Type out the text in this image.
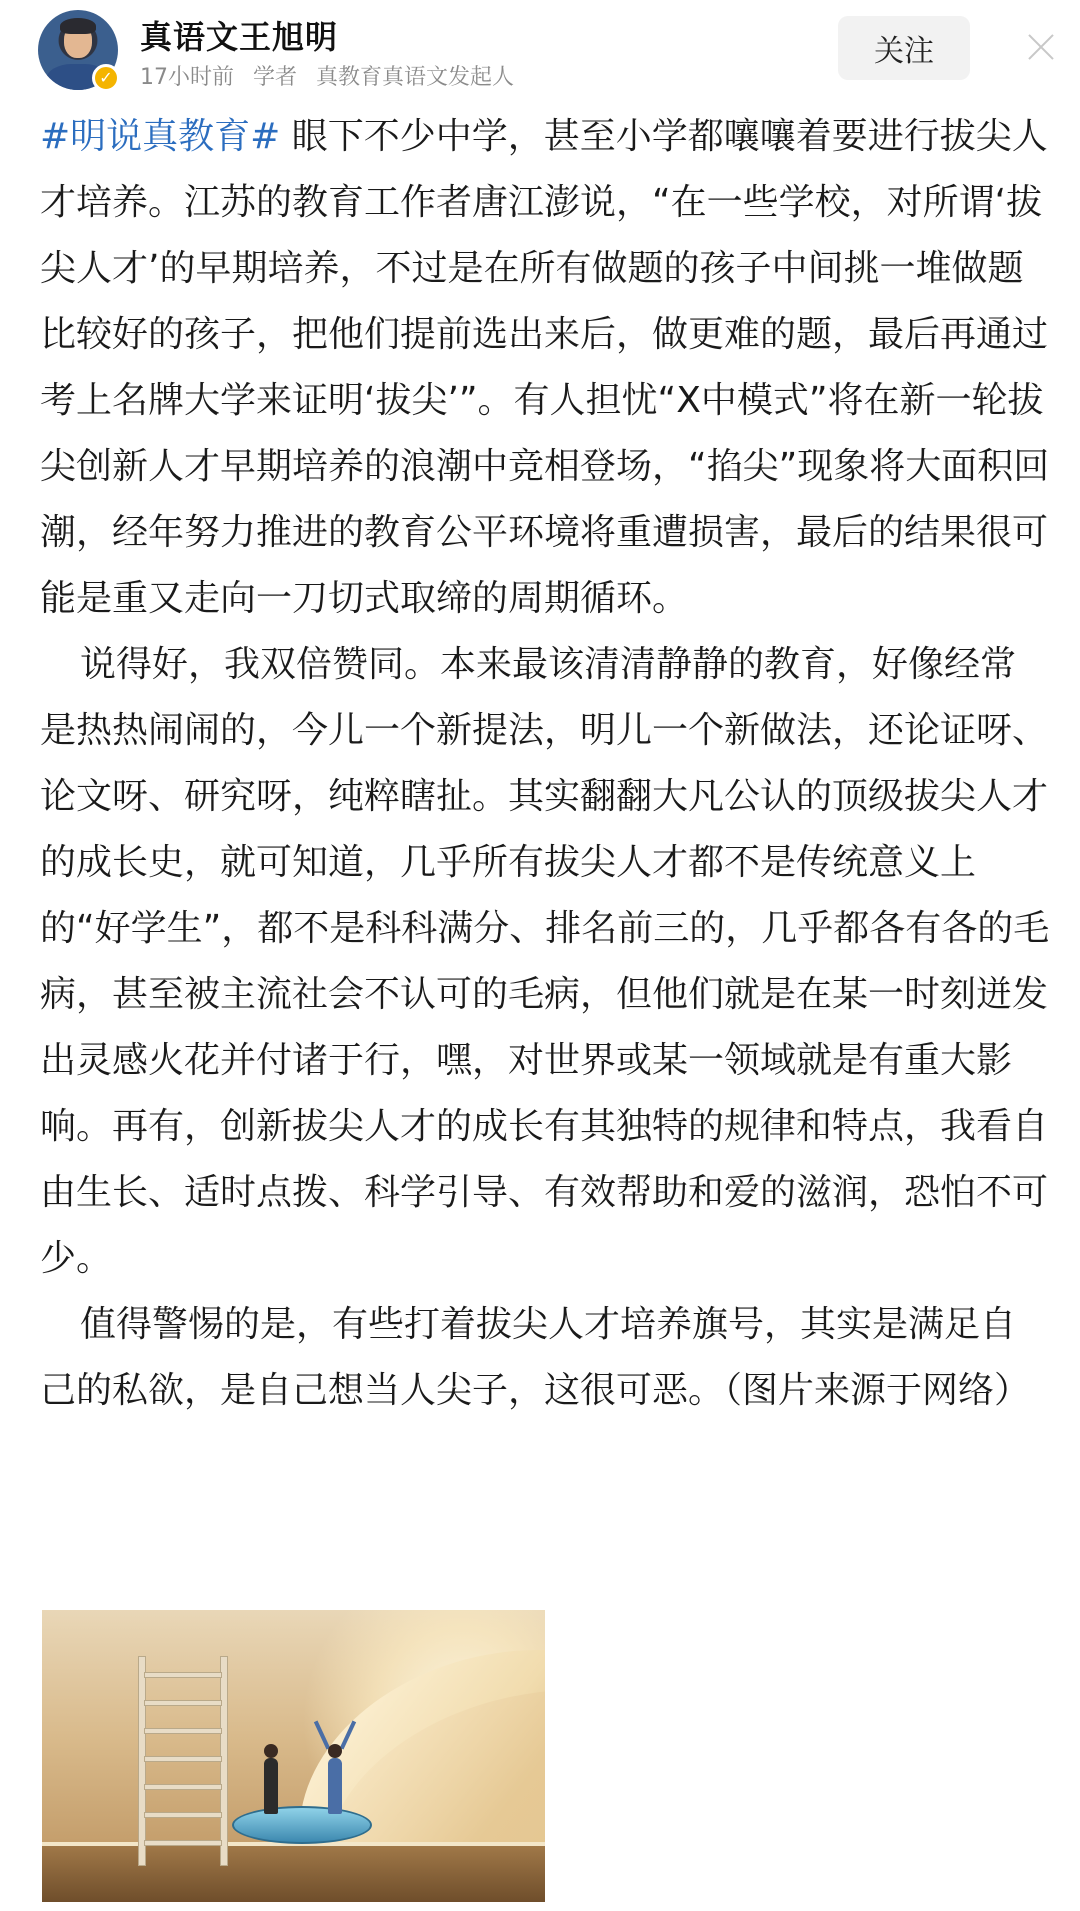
✓
真语文王旭明
17小时前 学者 真教育真语文发起人
关注

#明说真教育# 眼下不少中学，甚至小学都嚷嚷着要进行拔尖人才培养。江苏的教育工作者唐江澎说，“在一些学校，对所谓‘拔尖人才’的早期培养，不过是在所有做题的孩子中间挑一堆做题比较好的孩子，把他们提前选出来后，做更难的题，最后再通过考上名牌大学来证明‘拔尖’”。有人担忧“X中模式”将在新一轮拔尖创新人才早期培养的浪潮中竞相登场，“掐尖”现象将大面积回潮，经年努力推进的教育公平环境将重遭损害，最后的结果很可能是重又走向一刀切式取缔的周期循环。

说得好，我双倍赞同。本来最该清清静静的教育，好像经常是热热闹闹的，今儿一个新提法，明儿一个新做法，还论证呀、论文呀、研究呀，纯粹瞎扯。其实翻翻大凡公认的顶级拔尖人才的成长史，就可知道，几乎所有拔尖人才都不是传统意义上的“好学生”，都不是科科满分、排名前三的，几乎都各有各的毛病，甚至被主流社会不认可的毛病，但他们就是在某一时刻迸发出灵感火花并付诸于行，嘿，对世界或某一领域就是有重大影响。再有，创新拔尖人才的成长有其独特的规律和特点，我看自由生长、适时点拨、科学引导、有效帮助和爱的滋润，恐怕不可少。

值得警惕的是，有些打着拔尖人才培养旗号，其实是满足自己的私欲，是自己想当人尖子，这很可恶。（图片来源于网络）
